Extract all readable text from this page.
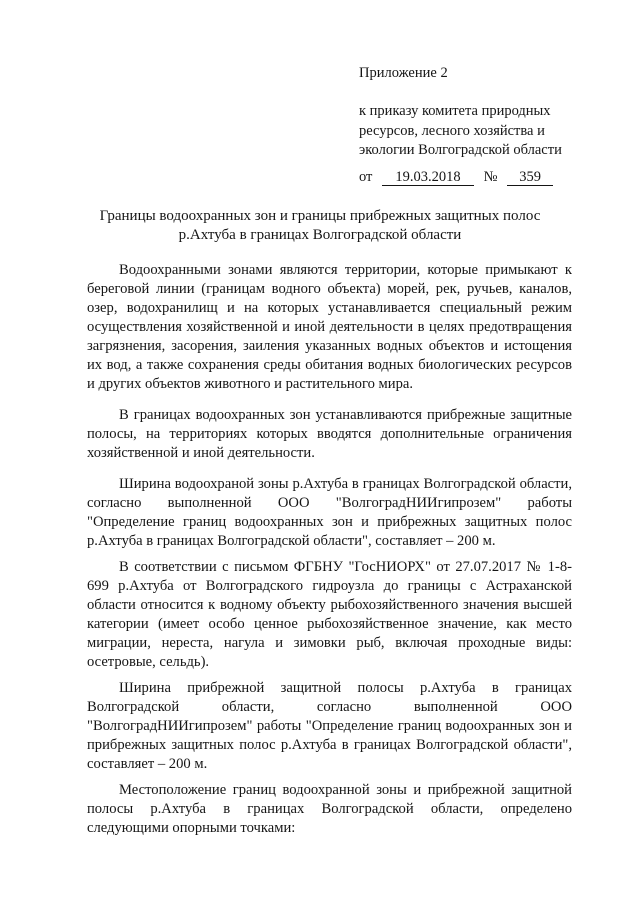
Приложение 2
к приказу комитета природных
ресурсов, лесного хозяйства и
экологии Волгоградской области
от 19.03.2018 № 359
Границы водоохранных зон и границы прибрежных защитных полос
р.Ахтуба в границах Волгоградской области

Водоохранными зонами являются территории, которые примыкают к береговой линии (границам водного объекта) морей, рек, ручьев, каналов, озер, водохранилищ и на которых устанавливается специальный режим осуществления хозяйственной и иной деятельности в целях предотвращения загрязнения, засорения, заиления указанных водных объектов и истощения их вод, а также сохранения среды обитания водных биологических ресурсов и других объектов животного и растительного мира.

В границах водоохранных зон устанавливаются прибрежные защитные полосы, на территориях которых вводятся дополнительные ограничения хозяйственной и иной деятельности.

Ширина водоохраной зоны р.Ахтуба в границах Волгоградской области, согласно выполненной ООО "ВолгоградНИИгипрозем" работы "Определение границ водоохранных зон и прибрежных защитных полос р.Ахтуба в границах Волгоградской области", составляет – 200 м.

В соответствии с письмом ФГБНУ "ГосНИОРХ" от 27.07.2017 № 1-8-699 р.Ахтуба от Волгоградского гидроузла до границы с Астраханской области относится к водному объекту рыбохозяйственного значения высшей категории (имеет особо ценное рыбохозяйственное значение, как место миграции, нереста, нагула и зимовки рыб, включая проходные виды: осетровые, сельдь).

Ширина прибрежной защитной полосы р.Ахтуба в границах Волгоградской области, согласно выполненной ООО "ВолгоградНИИгипрозем" работы "Определение границ водоохранных зон и прибрежных защитных полос р.Ахтуба в границах Волгоградской области", составляет – 200 м.

Местоположение границ водоохранной зоны и прибрежной защитной полосы р.Ахтуба в границах Волгоградской области, определено следующими опорными точками:
